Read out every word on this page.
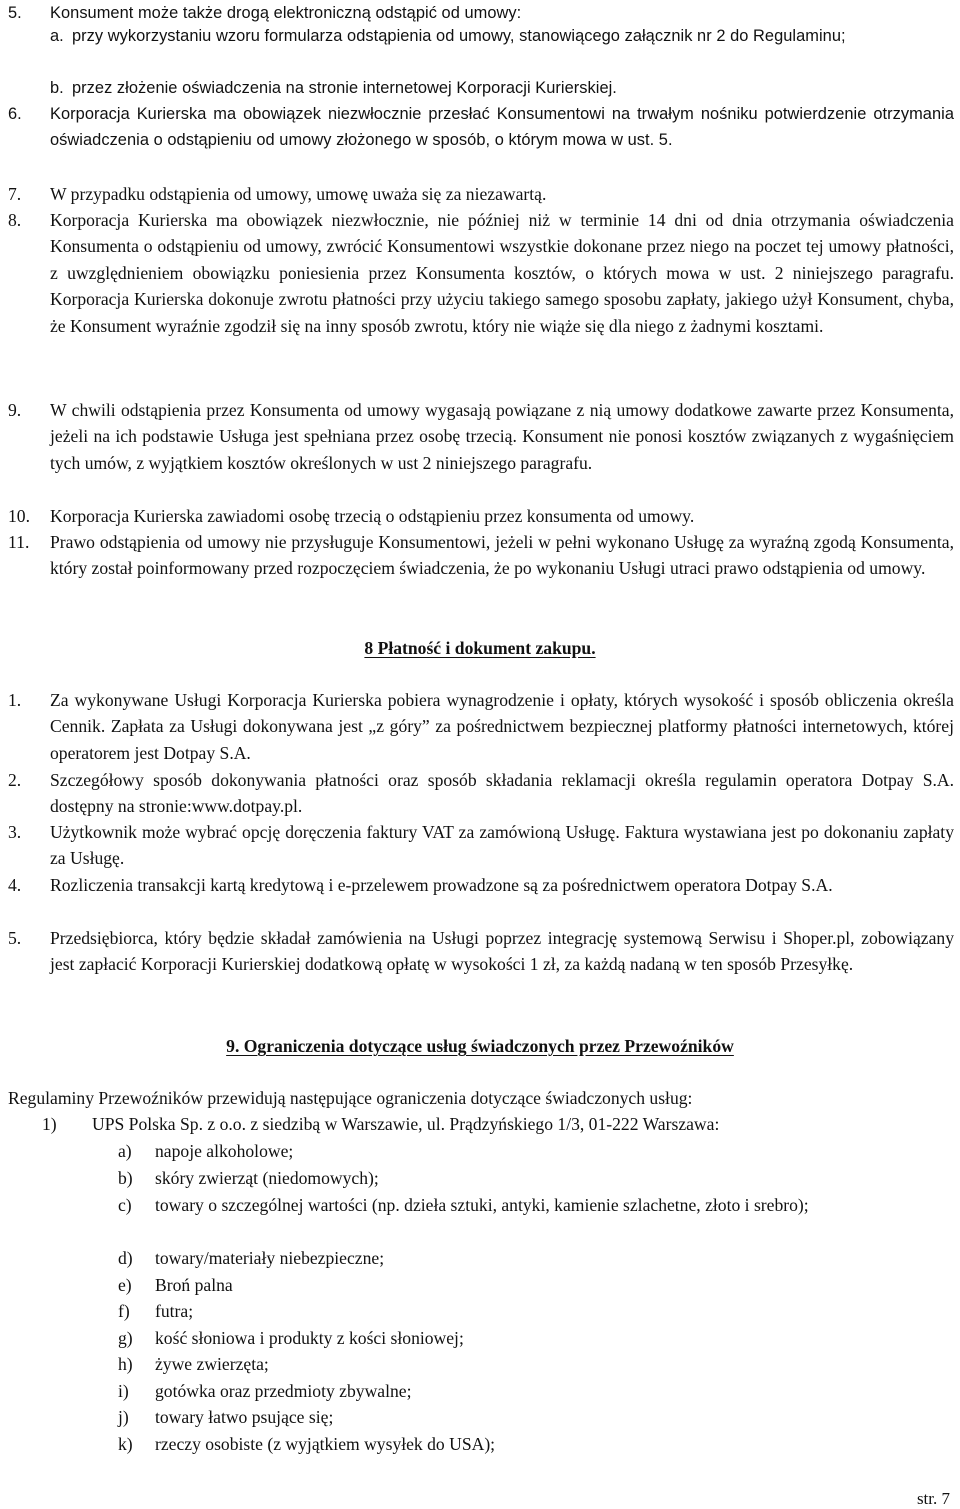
5. Konsument może także drogą elektroniczną odstąpić od umowy:
a. przy wykorzystaniu wzoru formularza odstąpienia od umowy, stanowiącego załącznik nr 2 do Regulaminu;
b. przez złożenie oświadczenia na stronie internetowej Korporacji Kurierskiej.
6. Korporacja Kurierska ma obowiązek niezwłocznie przesłać Konsumentowi na trwałym nośniku potwierdzenie otrzymania oświadczenia o odstąpieniu od umowy złożonego w sposób, o którym mowa w ust. 5.
7. W przypadku odstąpienia od umowy, umowę uważa się za niezawartą.
8. Korporacja Kurierska ma obowiązek niezwłocznie, nie później niż w terminie 14 dni od dnia otrzymania oświadczenia Konsumenta o odstąpieniu od umowy, zwrócić Konsumentowi wszystkie dokonane przez niego na poczet tej umowy płatności, z uwzględnieniem obowiązku poniesienia przez Konsumenta kosztów, o których mowa w ust. 2 niniejszego paragrafu. Korporacja Kurierska dokonuje zwrotu płatności przy użyciu takiego samego sposobu zapłaty, jakiego użył Konsument, chyba, że Konsument wyraźnie zgodził się na inny sposób zwrotu, który nie wiąże się dla niego z żadnymi kosztami.
9. W chwili odstąpienia przez Konsumenta od umowy wygasają powiązane z nią umowy dodatkowe zawarte przez Konsumenta, jeżeli na ich podstawie Usługa jest spełniana przez osobę trzecią. Konsument nie ponosi kosztów związanych z wygaśnięciem tych umów, z wyjątkiem kosztów określonych w ust 2 niniejszego paragrafu.
10. Korporacja Kurierska zawiadomi osobę trzecią o odstąpieniu przez konsumenta od umowy.
11. Prawo odstąpienia od umowy nie przysługuje Konsumentowi, jeżeli w pełni wykonano Usługę za wyraźną zgodą Konsumenta, który został poinformowany przed rozpoczęciem świadczenia, że po wykonaniu Usługi utraci prawo odstąpienia od umowy.
8 Płatność i dokument zakupu.
1. Za wykonywane Usługi Korporacja Kurierska pobiera wynagrodzenie i opłaty, których wysokość i sposób obliczenia określa Cennik. Zapłata za Usługi dokonywana jest „z góry” za pośrednictwem bezpiecznej platformy płatności internetowych, której operatorem jest Dotpay S.A.
2. Szczegółowy sposób dokonywania płatności oraz sposób składania reklamacji określa regulamin operatora Dotpay S.A. dostępny na stronie:www.dotpay.pl.
3. Użytkownik może wybrać opcję doręczenia faktury VAT za zamówioną Usługę. Faktura wystawiana jest po dokonaniu zapłaty za Usługę.
4. Rozliczenia transakcji kartą kredytową i e-przelewem prowadzone są za pośrednictwem operatora Dotpay S.A.
5. Przedsiębiorca, który będzie składał zamówienia na Usługi poprzez integrację systemową Serwisu i Shoper.pl, zobowiązany jest zapłacić Korporacji Kurierskiej dodatkową opłatę w wysokości 1 zł, za każdą nadaną w ten sposób Przesyłkę.
9. Ograniczenia dotyczące usług świadczonych przez Przewoźników
Regulaminy Przewoźników przewidują następujące ograniczenia dotyczące świadczonych usług:
1) UPS Polska Sp. z o.o. z siedzibą w Warszawie, ul. Prądzyńskiego 1/3, 01-222 Warszawa:
a) napoje alkoholowe;
b) skóry zwierząt (niedomowych);
c) towary o szczególnej wartości (np. dzieła sztuki, antyki, kamienie szlachetne, złoto i srebro);
d) towary/materiały niebezpieczne;
e) Broń palna
f) futra;
g) kość słoniowa i produkty z kości słoniowej;
h) żywe zwierzęta;
i) gotówka oraz przedmioty zbywalne;
j) towary łatwo psujące się;
k) rzeczy osobiste (z wyjątkiem wysyłek do USA);
str. 7
